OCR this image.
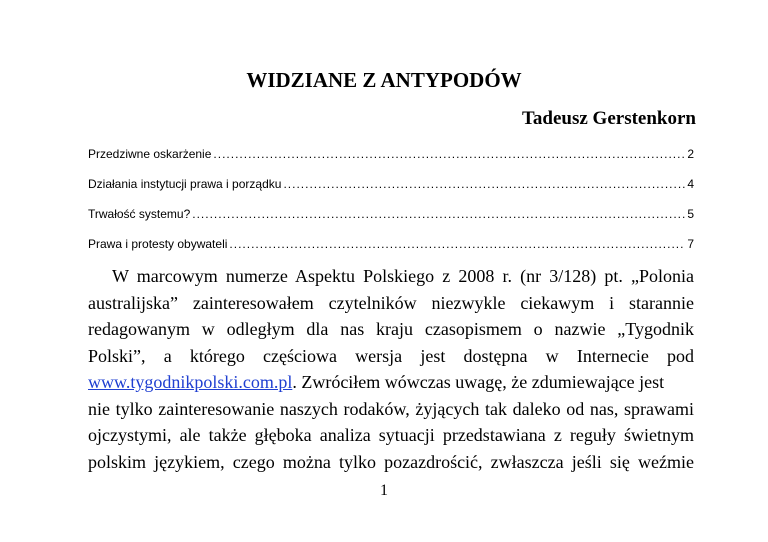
WIDZIANE Z ANTYPODÓW
Tadeusz Gerstenkorn
Przedziwne oskarżenie .....	2
Działania instytucji prawa i porządku .....	4
Trwałość systemu? .....	5
Prawa i protesty obywateli .....	7
W marcowym numerze Aspektu Polskiego z 2008 r. (nr 3/128) pt. „Polonia
australijska” zainteresowałem czytelników niezwykle ciekawym i starannie
redagowanym w odległym dla nas kraju czasopismem o nazwie „Tygodnik
Polski”, a którego częściowa wersja jest dostępna w Internecie pod
www.tygodnikpolski.com.pl. Zwróciłem wówczas uwagę, że zdumiewające jest
nie tylko zainteresowanie naszych rodaków, żyjących tak daleko od nas, sprawami
ojczystymi, ale także głęboka analiza sytuacji przedstawiana z reguły świetnym
polskim językiem, czego można tylko pozazdrościć, zwłaszcza jeśli się weźmie
1
